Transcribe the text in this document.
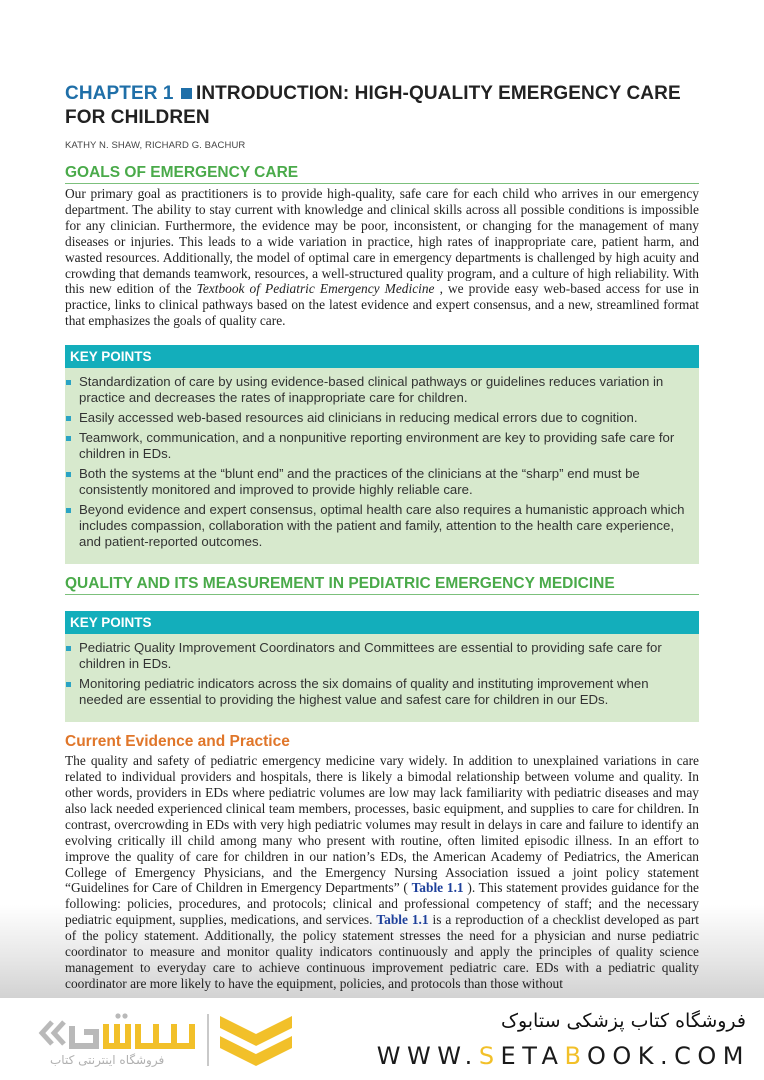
CHAPTER 1 INTRODUCTION: HIGH-QUALITY EMERGENCY CARE FOR CHILDREN
KATHY N. SHAW, RICHARD G. BACHUR
GOALS OF EMERGENCY CARE

Our primary goal as practitioners is to provide high-quality, safe care for each child who arrives in our emergency department. The ability to stay current with knowledge and clinical skills across all possible conditions is impossible for any clinician. Furthermore, the evidence may be poor, inconsistent, or changing for the management of many diseases or injuries. This leads to a wide variation in practice, high rates of inappropriate care, patient harm, and wasted resources. Additionally, the model of optimal care in emergency departments is challenged by high acuity and crowding that demands teamwork, resources, a well-structured quality program, and a culture of high reliability. With this new edition of the Textbook of Pediatric Emergency Medicine , we provide easy web-based access for use in practice, links to clinical pathways based on the latest evidence and expert consensus, and a new, streamlined format that emphasizes the goals of quality care.

KEY POINTS
Standardization of care by using evidence-based clinical pathways or guidelines reduces variation in practice and decreases the rates of inappropriate care for children.
Easily accessed web-based resources aid clinicians in reducing medical errors due to cognition.
Teamwork, communication, and a nonpunitive reporting environment are key to providing safe care for children in EDs.
Both the systems at the “blunt end” and the practices of the clinicians at the “sharp” end must be consistently monitored and improved to provide highly reliable care.
Beyond evidence and expert consensus, optimal health care also requires a humanistic approach which includes compassion, collaboration with the patient and family, attention to the health care experience, and patient-reported outcomes.
QUALITY AND ITS MEASUREMENT IN PEDIATRIC EMERGENCY MEDICINE
KEY POINTS
Pediatric Quality Improvement Coordinators and Committees are essential to providing safe care for children in EDs.
Monitoring pediatric indicators across the six domains of quality and instituting improvement when needed are essential to providing the highest value and safest care for children in our EDs.
Current Evidence and Practice

The quality and safety of pediatric emergency medicine vary widely. In addition to unexplained variations in care related to individual providers and hospitals, there is likely a bimodal relationship between volume and quality. In other words, providers in EDs where pediatric volumes are low may lack familiarity with pediatric diseases and may also lack needed experienced clinical team members, processes, basic equipment, and supplies to care for children. In contrast, overcrowding in EDs with very high pediatric volumes may result in delays in care and failure to identify an evolving critically ill child among many who present with routine, often limited episodic illness. In an effort to improve the quality of care for children in our nation’s EDs, the American Academy of Pediatrics, the American College of Emergency Physicians, and the Emergency Nursing Association issued a joint policy statement “Guidelines for Care of Children in Emergency Departments” ( Table 1.1 ). This statement provides guidance for the following: policies, procedures, and protocols; clinical and professional competency of staff; and the necessary pediatric equipment, supplies, medications, and services. Table 1.1 is a reproduction of a checklist developed as part of the policy statement. Additionally, the policy statement stresses the need for a physician and nurse pediatric coordinator to measure and monitor quality indicators continuously and apply the principles of quality science management to everyday care to achieve continuous improvement pediatric care. EDs with a pediatric quality coordinator are more likely to have the equipment, policies, and protocols than those without

فروشگاه اینترنتی کتاب
فروشگاه کتاب پزشکی ستابوک
WWW.SETABOOK.COM
